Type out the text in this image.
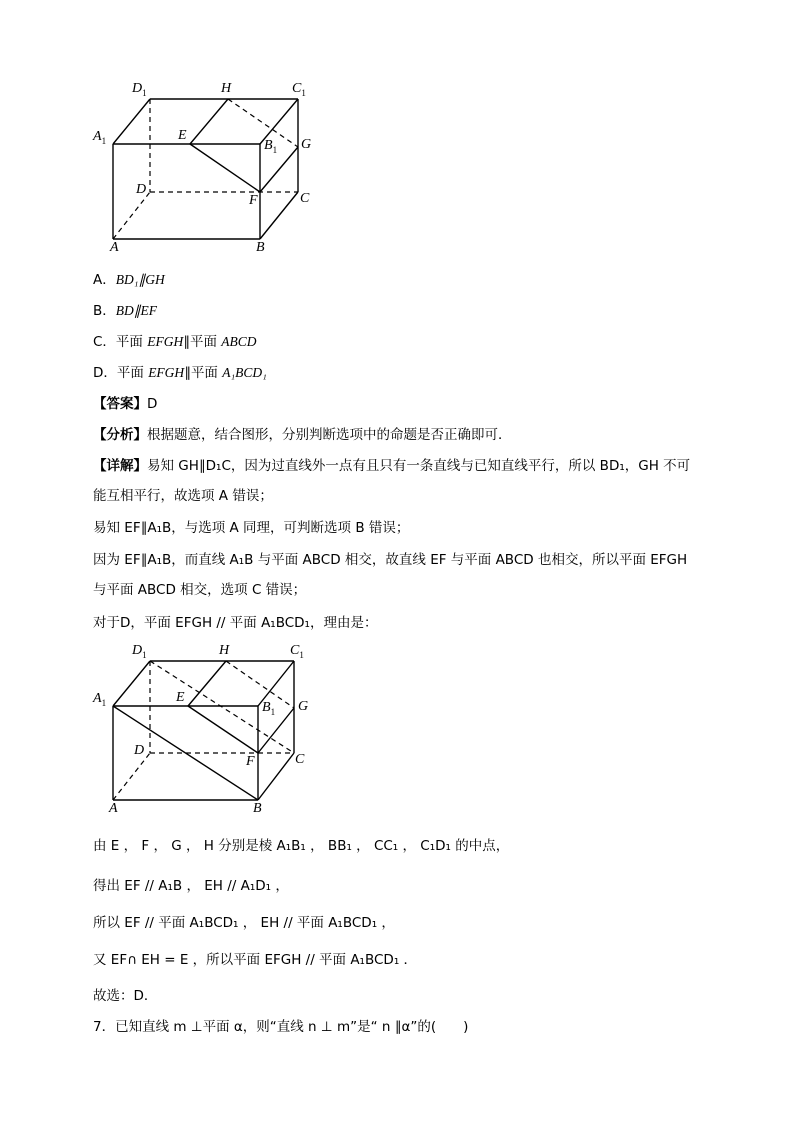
$D_1$	H	$C_1$
$A_1$	E
$B_1$ G
D
F	C
A	B
A．BD₁∥GH
B．BD∥EF
C．平面 EFGH∥平面 ABCD
D．平面 EFGH∥平面 A₁BCD₁
【答案】D
【分析】根据题意，结合图形，分别判断选项中的命题是否正确即可．
【详解】易知 GH∥D₁C，因为过直线外一点有且只有一条直线与已知直线平行，所以 BD₁，GH 不可能互相平行，故选项 A 错误；
易知 EF∥A₁B，与选项 A 同理，可判断选项 B 错误；
因为 EF∥A₁B，而直线 A₁B 与平面 ABCD 相交，故直线 EF 与平面 ABCD 也相交，所以平面 EFGH 与平面 ABCD 相交，选项 C 错误；
对于D，平面 EFGH // 平面 A₁BCD₁，理由是：
$D_1$	H	$C_1$
$A_1$	E
$B_1$ G
D
F	C
A	B
由 E ， F ， G ， H 分别是棱 A₁B₁ ， BB₁ ， CC₁ ， C₁D₁ 的中点，
得出 EF // A₁B ， EH // A₁D₁ ，
所以 EF // 平面 A₁BCD₁ ， EH // 平面 A₁BCD₁ ，
又 EF∩ EH = E ，所以平面 EFGH // 平面 A₁BCD₁ ．
故选：D．
7．已知直线 m ⊥平面 α，则“直线 n ⊥ m”是“ n ∥α”的(　　)
